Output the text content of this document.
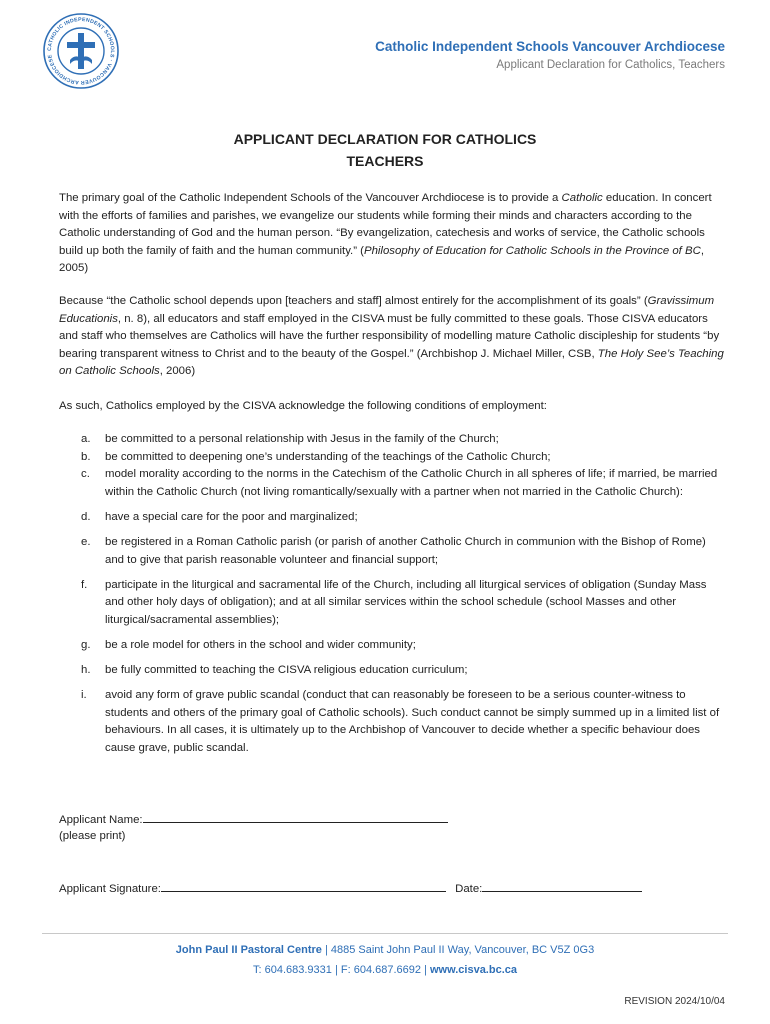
CATHOLIC INDEPENDENT SCHOOLS · VANCOUVER ARCHDIOCESE
Catholic Independent Schools Vancouver Archdiocese
Applicant Declaration for Catholics, Teachers
APPLICANT DECLARATION FOR CATHOLICS
TEACHERS
The primary goal of the Catholic Independent Schools of the Vancouver Archdiocese is to provide a Catholic education. In concert with the efforts of families and parishes, we evangelize our students while forming their minds and characters according to the Catholic understanding of God and the human person. “By evangelization, catechesis and works of service, the Catholic schools build up both the family of faith and the human community.” (Philosophy of Education for Catholic Schools in the Province of BC, 2005)
Because “the Catholic school depends upon [teachers and staff] almost entirely for the accomplishment of its goals” (Gravissimum Educationis, n. 8), all educators and staff employed in the CISVA must be fully committed to these goals. Those CISVA educators and staff who themselves are Catholics will have the further responsibility of modelling mature Catholic discipleship for students “by bearing transparent witness to Christ and to the beauty of the Gospel.” (Archbishop J. Michael Miller, CSB, The Holy See’s Teaching on Catholic Schools, 2006)
As such, Catholics employed by the CISVA acknowledge the following conditions of employment:
a. be committed to a personal relationship with Jesus in the family of the Church;
b. be committed to deepening one’s understanding of the teachings of the Catholic Church;
c. model morality according to the norms in the Catechism of the Catholic Church in all spheres of life; if married, be married within the Catholic Church (not living romantically/sexually with a partner when not married in the Catholic Church):
d. have a special care for the poor and marginalized;
e. be registered in a Roman Catholic parish (or parish of another Catholic Church in communion with the Bishop of Rome) and to give that parish reasonable volunteer and financial support;
f. participate in the liturgical and sacramental life of the Church, including all liturgical services of obligation (Sunday Mass and other holy days of obligation); and at all similar services within the school schedule (school Masses and other liturgical/sacramental assemblies);
g. be a role model for others in the school and wider community;
h. be fully committed to teaching the CISVA religious education curriculum;
i. avoid any form of grave public scandal (conduct that can reasonably be foreseen to be a serious counter-witness to students and others of the primary goal of Catholic schools). Such conduct cannot be simply summed up in a limited list of behaviours. In all cases, it is ultimately up to the Archbishop of Vancouver to decide whether a specific behaviour does cause grave, public scandal.
Applicant Name:
(please print)
Applicant Signature:	Date:
John Paul II Pastoral Centre | 4885 Saint John Paul II Way, Vancouver, BC V5Z 0G3
T: 604.683.9331 | F: 604.687.6692 | www.cisva.bc.ca
REVISION 2024/10/04
